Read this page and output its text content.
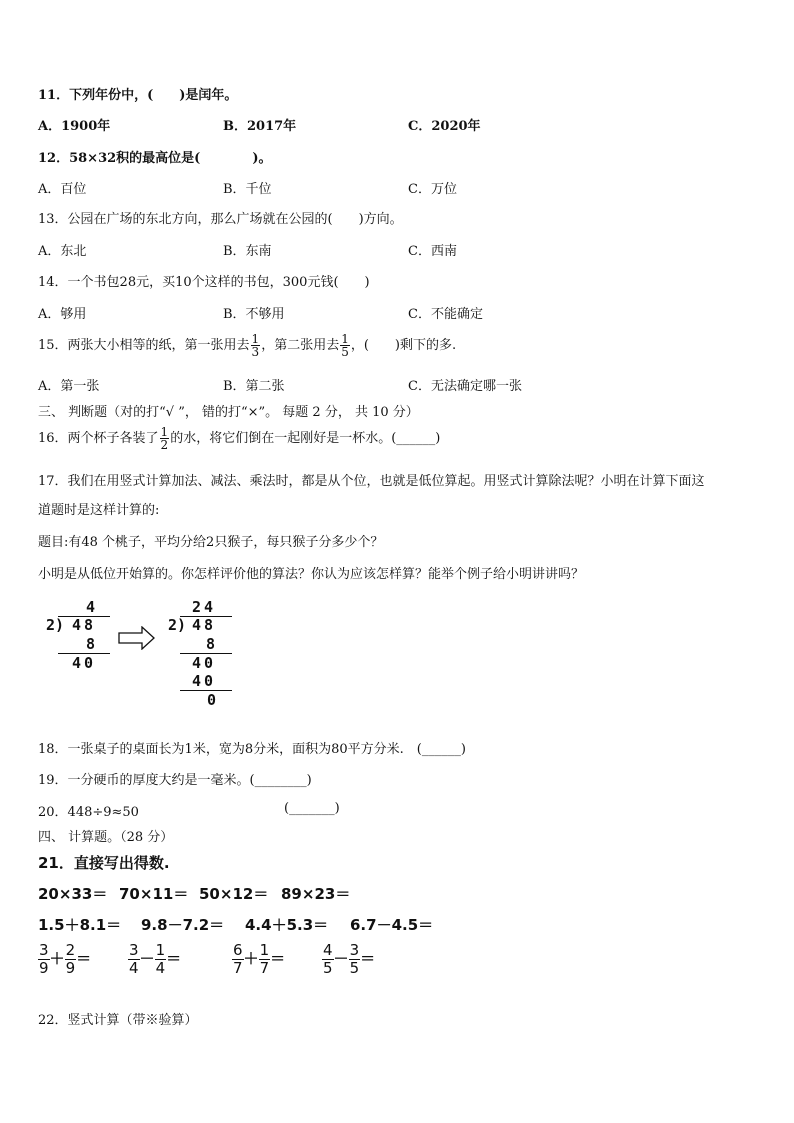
11．下列年份中，(　　)是闰年。
A．1900年	B．2017年	C．2020年
12．58×32积的最高位是(　　　　)。
A．百位	B．千位	C．万位
13．公园在广场的东北方向，那么广场就在公园的(　　)方向。
A．东北	B．东南	C．西南
14．一个书包28元，买10个这样的书包，300元钱(　　)
A．够用	B．不够用	C．不能确定
15．两张大小相等的纸，第一张用去 $\frac{1}{3}$ ，第二张用去 $\frac{1}{5}$ ，(　　)剩下的多.
A．第一张	B．第二张	C．无法确定哪一张
三、 判断题（对的打“√ ”， 错的打“×”。 每题 2 分， 共 10 分）
16．两个杯子各装了 $\frac{1}{2}$ 的水，将它们倒在一起刚好是一杯水。(______)
17．我们在用竖式计算加法、减法、乘法时，都是从个位，也就是低位算起。用竖式计算除法呢？小明在计算下面这
道题时是这样计算的:
题目:有48 个桃子，平均分给2只猴子，每只猴子分多少个？
小明是从低位开始算的。你怎样评价他的算法？你认为应该怎样算？能举个例子给小明讲讲吗？
4
2) 48
8
40
24
2) 48
8
40
40
0
18．一张桌子的桌面长为1米，宽为8分米，面积为80平方分米.　(______)
19．一分硬币的厚度大约是一毫米。(________)
20．448÷9≈50	(_______)
四、 计算题。（28 分）
21．直接写出得数.
20×33＝ 70×11＝ 50×12＝ 89×23＝
1.5＋8.1＝ 9.8－7.2＝ 4.4＋5.3＝ 6.7－4.5＝
$\frac{3}{9} + \frac{2}{9} = \frac{3}{4} - \frac{1}{4}$ ＝	$\frac{6}{7} + \frac{1}{7} = \frac{4}{5} - \frac{3}{5}$ ＝
22．竖式计算（带※验算）
